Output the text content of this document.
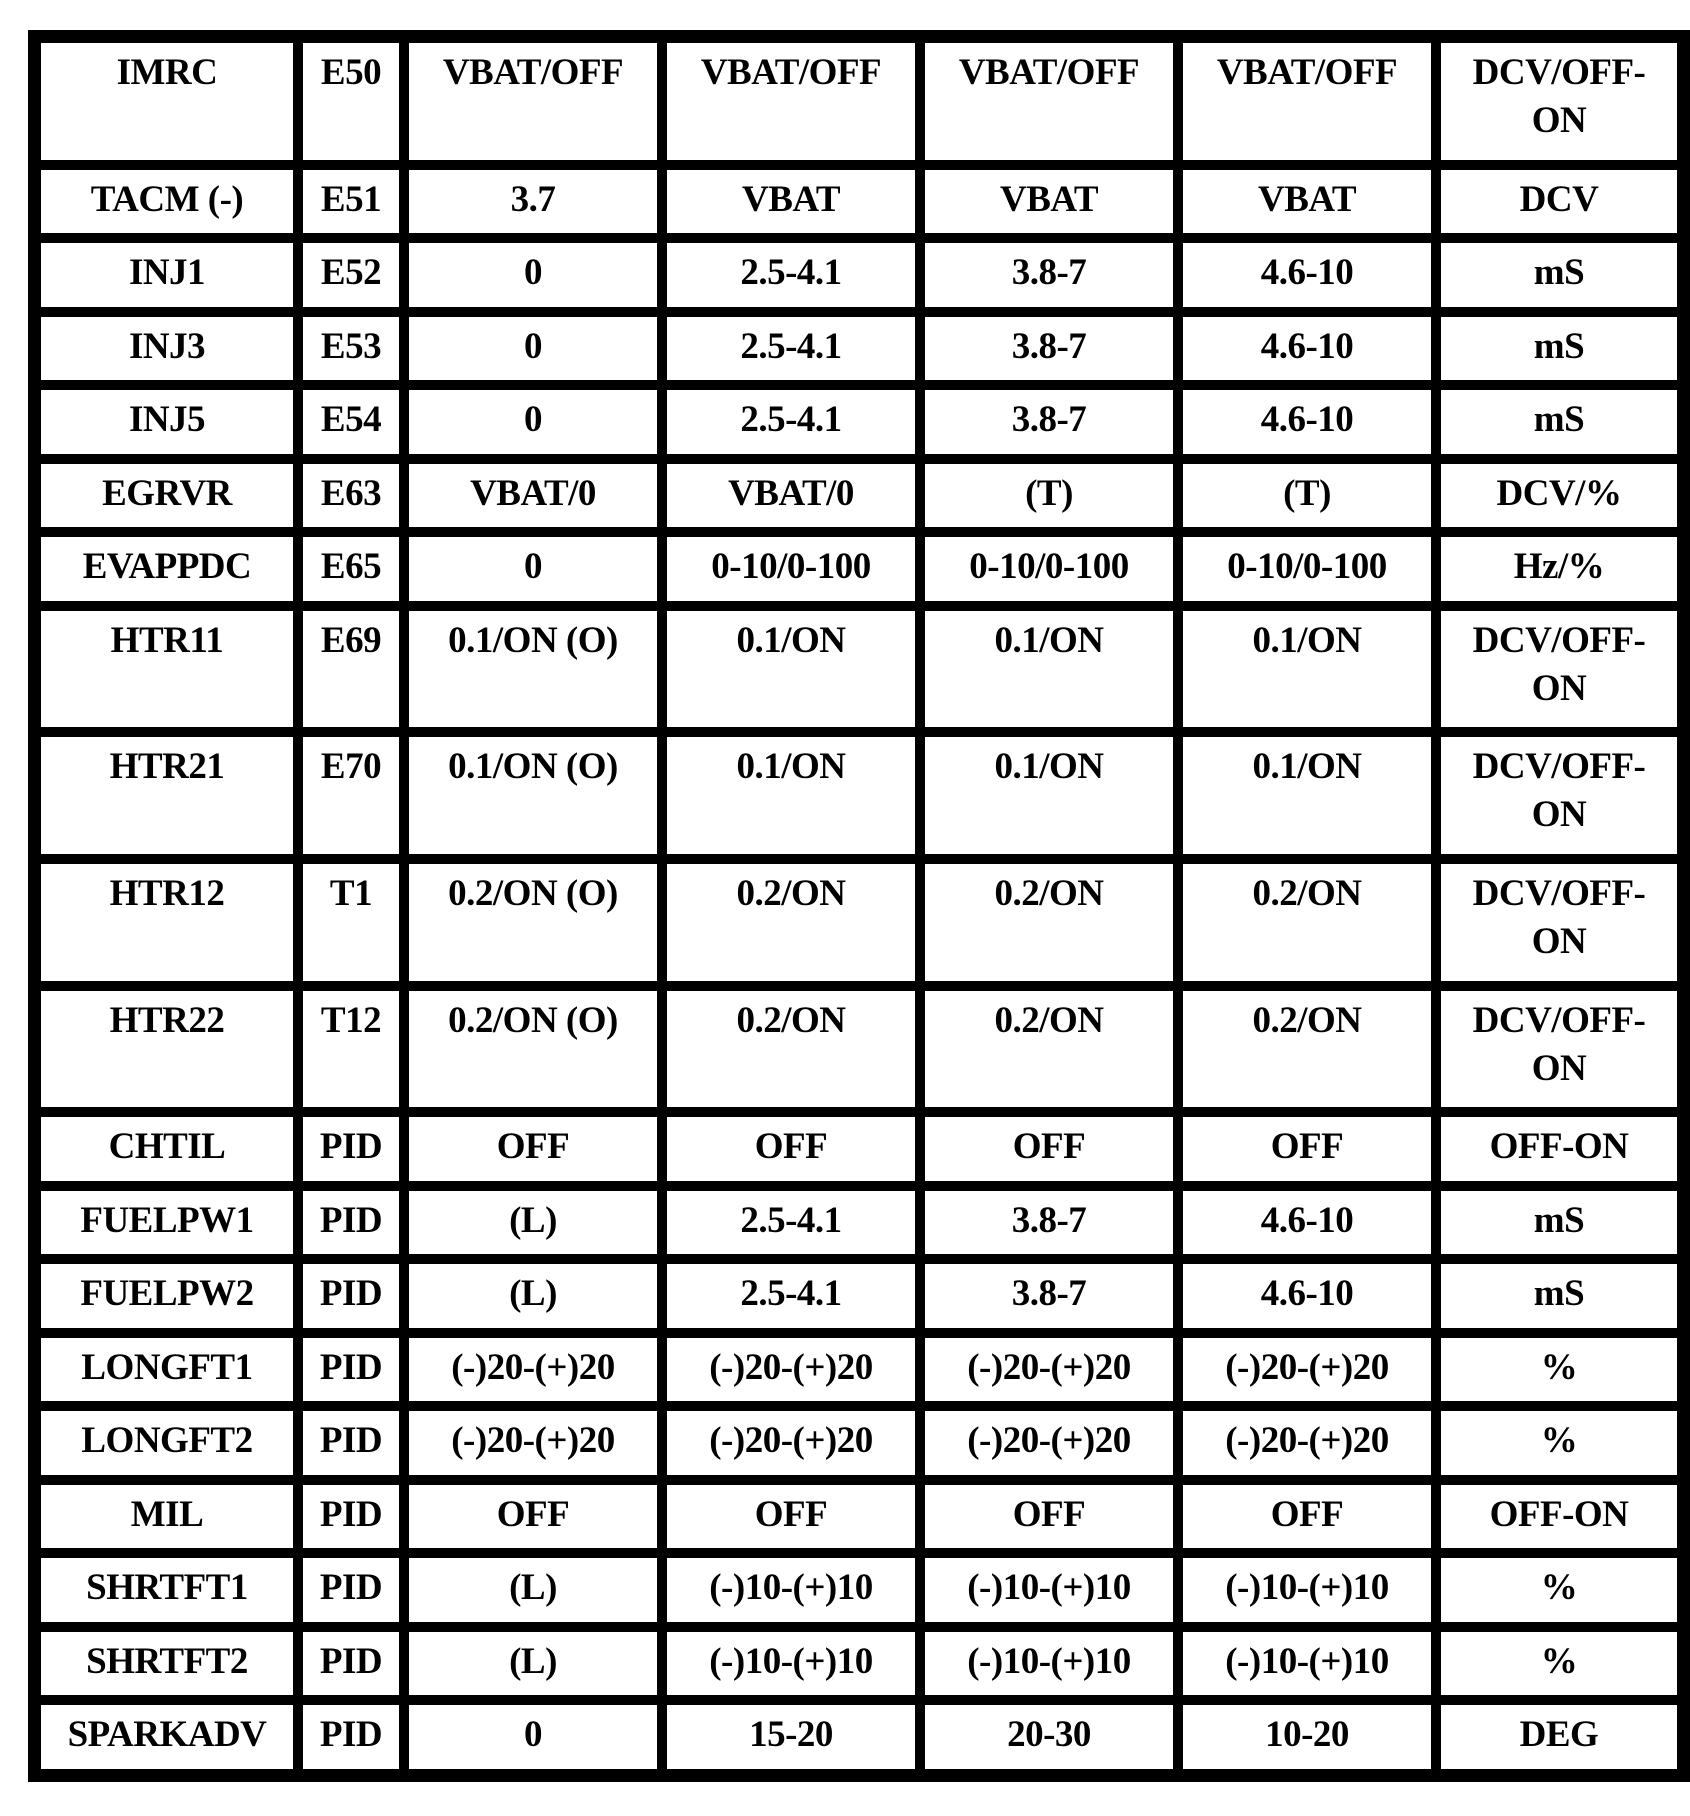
IMRC	E50	VBAT/OFF	VBAT/OFF	VBAT/OFF	VBAT/OFF	DCV/OFF-
ON
TACM (-)	E51	3.7	VBAT	VBAT	VBAT	DCV
INJ1	E52	0	2.5-4.1	3.8-7	4.6-10	mS
INJ3	E53	0	2.5-4.1	3.8-7	4.6-10	mS
INJ5	E54	0	2.5-4.1	3.8-7	4.6-10	mS
EGRVR	E63	VBAT/0	VBAT/0	(T)	(T)	DCV/%
EVAPPDC	E65	0	0-10/0-100	0-10/0-100	0-10/0-100	Hz/%
HTR11	E69	0.1/ON (O)	0.1/ON	0.1/ON	0.1/ON	DCV/OFF-
ON
HTR21	E70	0.1/ON (O)	0.1/ON	0.1/ON	0.1/ON	DCV/OFF-
ON
HTR12	T1	0.2/ON (O)	0.2/ON	0.2/ON	0.2/ON	DCV/OFF-
ON
HTR22	T12	0.2/ON (O)	0.2/ON	0.2/ON	0.2/ON	DCV/OFF-
ON
CHTIL	PID	OFF	OFF	OFF	OFF	OFF-ON
FUELPW1	PID	(L)	2.5-4.1	3.8-7	4.6-10	mS
FUELPW2	PID	(L)	2.5-4.1	3.8-7	4.6-10	mS
LONGFT1	PID	(-)20-(+)20	(-)20-(+)20	(-)20-(+)20	(-)20-(+)20	%
LONGFT2	PID	(-)20-(+)20	(-)20-(+)20	(-)20-(+)20	(-)20-(+)20	%
MIL	PID	OFF	OFF	OFF	OFF	OFF-ON
SHRTFT1	PID	(L)	(-)10-(+)10	(-)10-(+)10	(-)10-(+)10	%
SHRTFT2	PID	(L)	(-)10-(+)10	(-)10-(+)10	(-)10-(+)10	%
SPARKADV	PID	0	15-20	20-30	10-20	DEG
